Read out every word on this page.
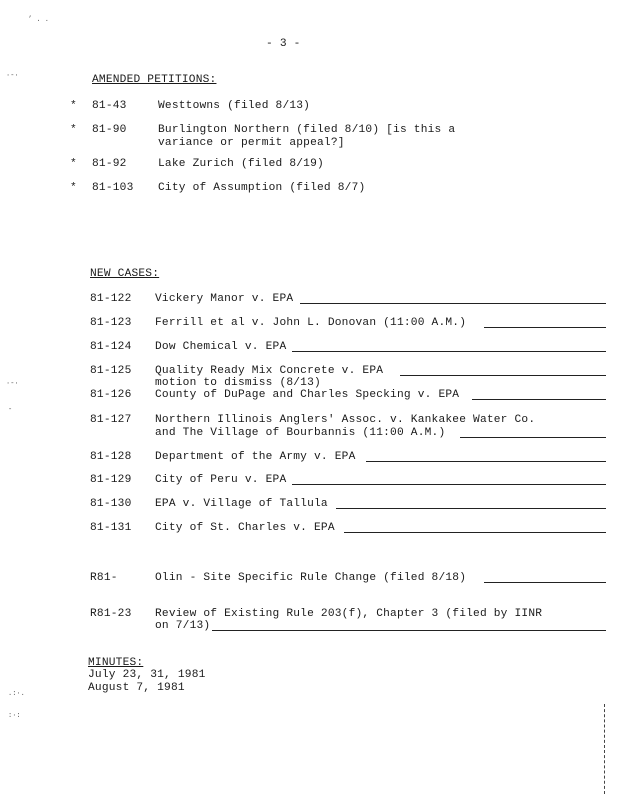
’ . .
·-·
·-·
-
.:·.
:·:
- 3 -
AMENDED PETITIONS:
* 81-43	Westtowns (filed 8/13)
* 81-90	Burlington Northern (filed 8/10) [is this a
variance or permit appeal?]
* 81-92	Lake Zurich (filed 8/19)
* 81-103 City of Assumption (filed 8/7)
NEW CASES:
81-122 Vickery Manor v. EPA
81-123 Ferrill et al v. John L. Donovan (11:00 A.M.)
81-124 Dow Chemical v. EPA
81-125 Quality Ready Mix Concrete v. EPA
motion to dismiss (8/13)
81-126 County of DuPage and Charles Specking v. EPA
81-127 Northern Illinois Anglers' Assoc. v. Kankakee Water Co.
and The Village of Bourbannis (11:00 A.M.)
81-128 Department of the Army v. EPA
81-129 City of Peru v. EPA
81-130 EPA v. Village of Tallula
81-131 City of St. Charles v. EPA
R81-	Olin - Site Specific Rule Change (filed 8/18)
R81-23 Review of Existing Rule 203(f), Chapter 3 (filed by IINR
on 7/13)
MINUTES:
July 23, 31, 1981
August 7, 1981
